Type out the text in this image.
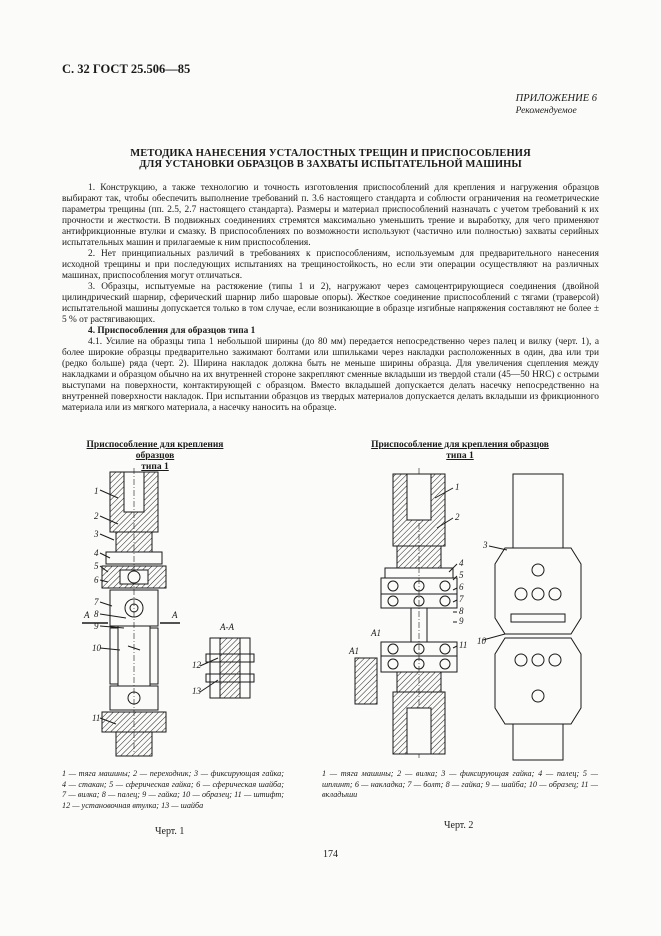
С. 32 ГОСТ 25.506—85
ПРИЛОЖЕНИЕ 6
Рекомендуемое
МЕТОДИКА НАНЕСЕНИЯ УСТАЛОСТНЫХ ТРЕЩИН И ПРИСПОСОБЛЕНИЯ
ДЛЯ УСТАНОВКИ ОБРАЗЦОВ В ЗАХВАТЫ ИСПЫТАТЕЛЬНОЙ МАШИНЫ

1. Конструкцию, а также технологию и точность изготовления приспособлений для крепления и нагружения образцов выбирают так, чтобы обеспечить выполнение требований п. 3.6 настоящего стандарта и соблюсти ограничения на геометрические параметры трещины (пп. 2.5, 2.7 настоящего стандарта). Размеры и материал приспособлений назначать с учетом требований к их прочности и жесткости. В подвижных соединениях стремятся максимально уменьшить трение и выработку, для чего применяют антифрикционные втулки и смазку. В приспособлениях по возможности используют (частично или полностью) захваты серийных испытательных машин и прилагаемые к ним приспособления.

2. Нет принципиальных различий в требованиях к приспособлениям, используемым для предварительного нанесения исходной трещины и при последующих испытаниях на трещиностойкость, но если эти операции осуществляют на различных машинах, приспособления могут отличаться.

3. Образцы, испытуемые на растяжение (типы 1 и 2), нагружают через самоцентрирующиеся соединения (двойной цилиндрический шарнир, сферический шарнир либо шаровые опоры). Жесткое соединение приспособлений с тягами (траверсой) испытательной машины допускается только в том случае, если возникающие в образце изгибные напряжения составляют не более ± 5 % от растягивающих.

4. Приспособления для образцов типа 1

4.1. Усилие на образцы типа 1 небольшой ширины (до 80 мм) передается непосредственно через палец и вилку (черт. 1), а более широкие образцы предварительно зажимают болтами или шпильками через накладки расположенных в один, два или три (редко больше) ряда (черт. 2). Ширина накладок должна быть не меньше ширины образца. Для увеличения сцепления между накладками и образцом обычно на их внутренней стороне закрепляют сменные вкладыши из твердой стали (45—50 HRC) с острыми выступами на поверхности, контактирующей с образцом. Вместо вкладышей допускается делать насечку непосредственно на внутренней поверхности накладок. При испытании образцов из твердых материалов допускается делать вкладыши из фрикционного материала или из мягкого материала, а насечку наносить на образце.

Приспособление для крепления образцов
типа 1
1
2
3
4
5
6
7
8
9
10
11
12
13
А-А
А	А
Приспособление для крепления образцов
типа 1
1
2
3
4
5
6
7
8
9
10
11
А1
А1
1 — тяга машины; 2 — переходник; 3 — фиксирующая гайка; 4 — стакан; 5 — сферическая гайка; 6 — сферическая шайба; 7 — вилка; 8 — палец; 9 — гайка; 10 — образец; 11 — штифт; 12 — установочная втулка; 13 — шайба
1 — тяга машины; 2 — вилка; 3 — фиксирующая гайка; 4 — палец; 5 — шплинт; 6 — накладка; 7 — болт; 8 — гайка; 9 — шайба; 10 — образец; 11 — вкладыши
Черт. 1
Черт. 2
174
